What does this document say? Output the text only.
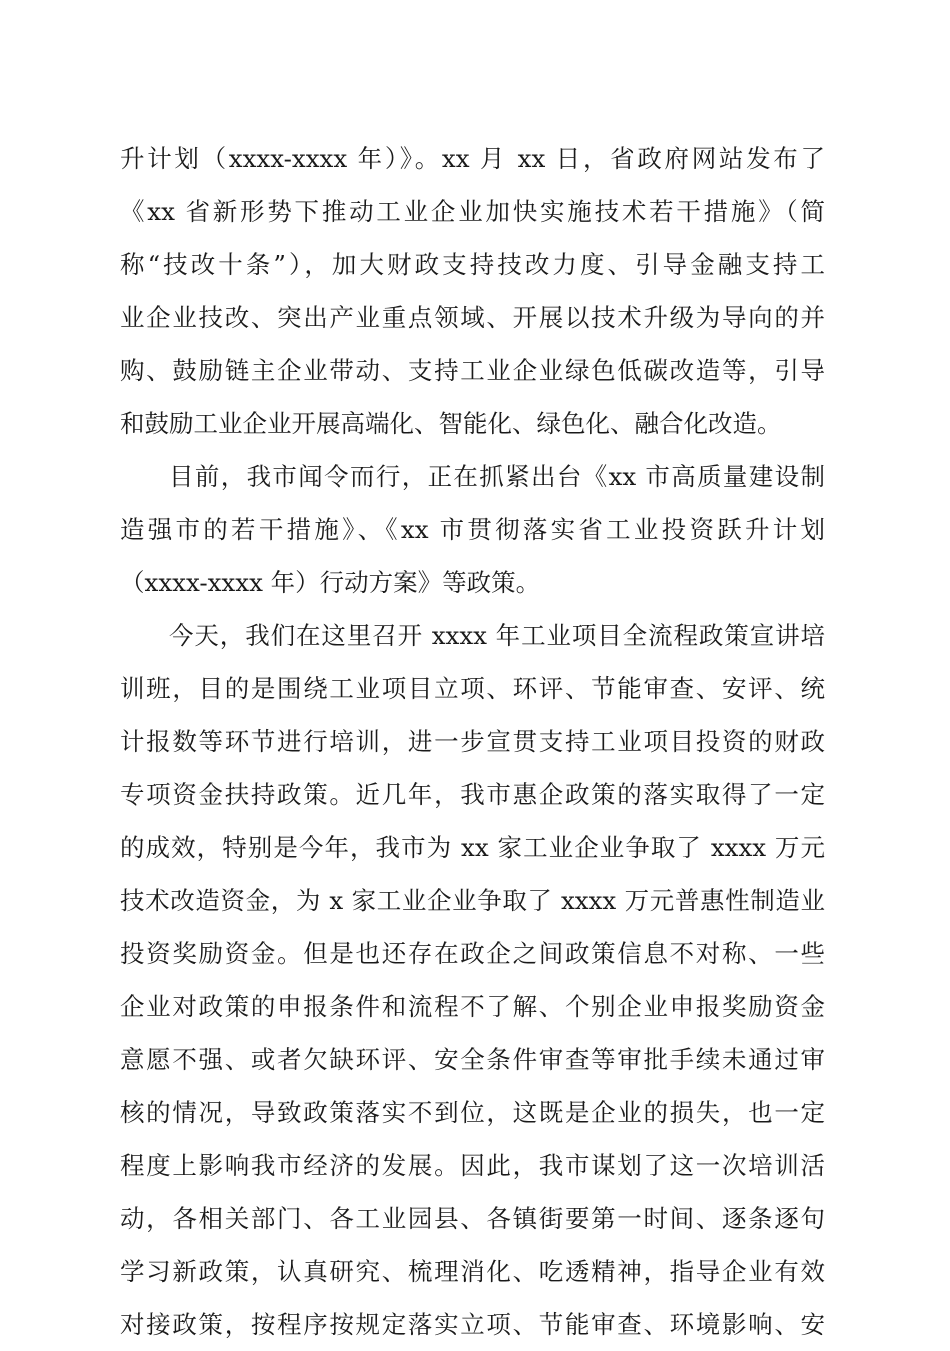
升计划（xxxx-xxxx 年）》。xx 月 xx 日，省政府网站发布了
《xx 省新形势下推动工业企业加快实施技术若干措施》（简
称“技改十条”），加大财政支持技改力度、引导金融支持工
业企业技改、突出产业重点领域、开展以技术升级为导向的并
购、鼓励链主企业带动、支持工业企业绿色低碳改造等，引导
和鼓励工业企业开展高端化、智能化、绿色化、融合化改造。
目前，我市闻令而行，正在抓紧出台《xx 市高质量建设制
造强市的若干措施》、《xx 市贯彻落实省工业投资跃升计划
（xxxx-xxxx 年）行动方案》等政策。
今天，我们在这里召开 xxxx 年工业项目全流程政策宣讲培
训班，目的是围绕工业项目立项、环评、节能审查、安评、统
计报数等环节进行培训，进一步宣贯支持工业项目投资的财政
专项资金扶持政策。近几年，我市惠企政策的落实取得了一定
的成效，特别是今年，我市为 xx 家工业企业争取了 xxxx 万元
技术改造资金，为 x 家工业企业争取了 xxxx 万元普惠性制造业
投资奖励资金。但是也还存在政企之间政策信息不对称、一些
企业对政策的申报条件和流程不了解、个别企业申报奖励资金
意愿不强、或者欠缺环评、安全条件审查等审批手续未通过审
核的情况，导致政策落实不到位，这既是企业的损失，也一定
程度上影响我市经济的发展。因此，我市谋划了这一次培训活
动，各相关部门、各工业园县、各镇街要第一时间、逐条逐句
学习新政策，认真研究、梳理消化、吃透精神，指导企业有效
对接政策，按程序按规定落实立项、节能审查、环境影响、安
